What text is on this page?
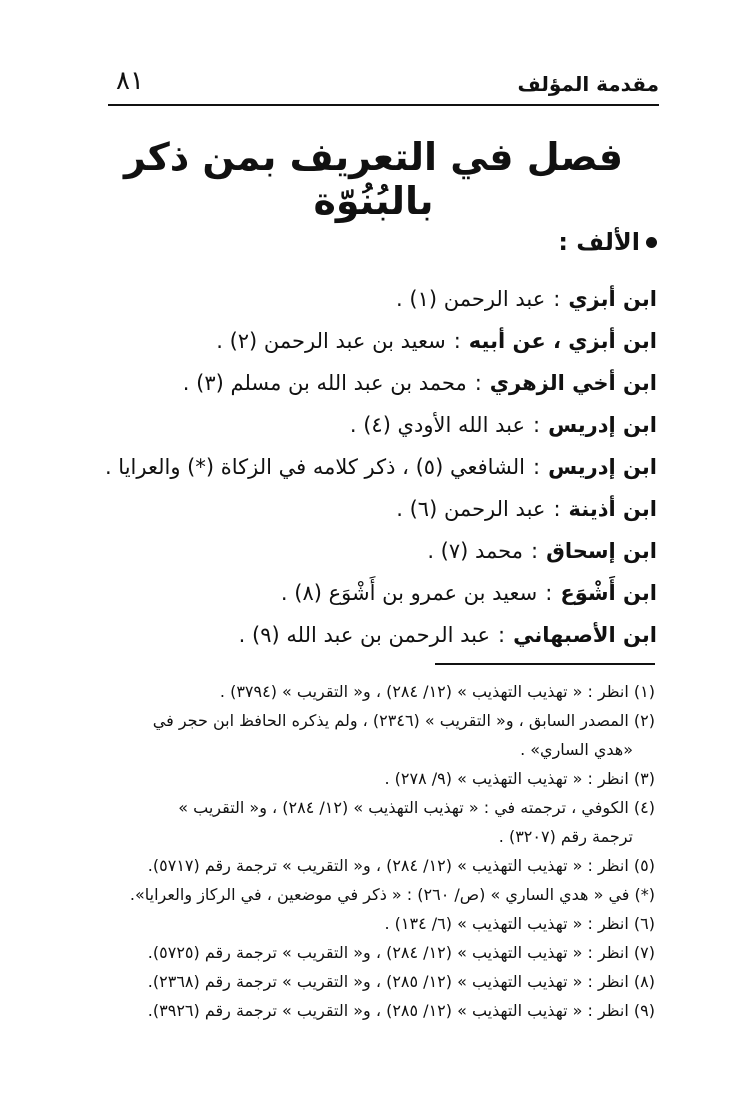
مقدمة المؤلف
٨١
فصل في التعريف بمن ذكر بالبُنُوّة
الألف :
ابن أبزي:عبد الرحمن (١) .
ابن أبزي ، عن أبيه:سعيد بن عبد الرحمن (٢) .
ابن أخي الزهري:محمد بن عبد الله بن مسلم (٣) .
ابن إدريس:عبد الله الأودي (٤) .
ابن إدريس:الشافعي (٥) ، ذكر كلامه في الزكاة (*) والعرايا .
ابن أذينة:عبد الرحمن (٦) .
ابن إسحاق:محمد (٧) .
ابن أَشْوَع:سعيد بن عمرو بن أَشْوَع (٨) .
ابن الأصبهاني:عبد الرحمن بن عبد الله (٩) .
(١) انظر : « تهذيب التهذيب » (١٢/ ٢٨٤) ، و« التقريب » (٣٧٩٤) .
(٢) المصدر السابق ، و« التقريب » (٢٣٤٦) ، ولم يذكره الحافظ ابن حجر في
«هدي الساري» .
(٣) انظر : « تهذيب التهذيب » (٩/ ٢٧٨) .
(٤) الكوفي ، ترجمته في : « تهذيب التهذيب » (١٢/ ٢٨٤) ، و« التقريب »
ترجمة رقم (٣٢٠٧) .
(٥) انظر : « تهذيب التهذيب » (١٢/ ٢٨٤) ، و« التقريب » ترجمة رقم (٥٧١٧).
(*) في « هدي الساري » (ص/ ٢٦٠) : « ذكر في موضعين ، في الركاز والعرايا».
(٦) انظر : « تهذيب التهذيب » (٦/ ١٣٤) .
(٧) انظر : « تهذيب التهذيب » (١٢/ ٢٨٤) ، و« التقريب » ترجمة رقم (٥٧٢٥).
(٨) انظر : « تهذيب التهذيب » (١٢/ ٢٨٥) ، و« التقريب » ترجمة رقم (٢٣٦٨).
(٩) انظر : « تهذيب التهذيب » (١٢/ ٢٨٥) ، و« التقريب » ترجمة رقم (٣٩٢٦).
